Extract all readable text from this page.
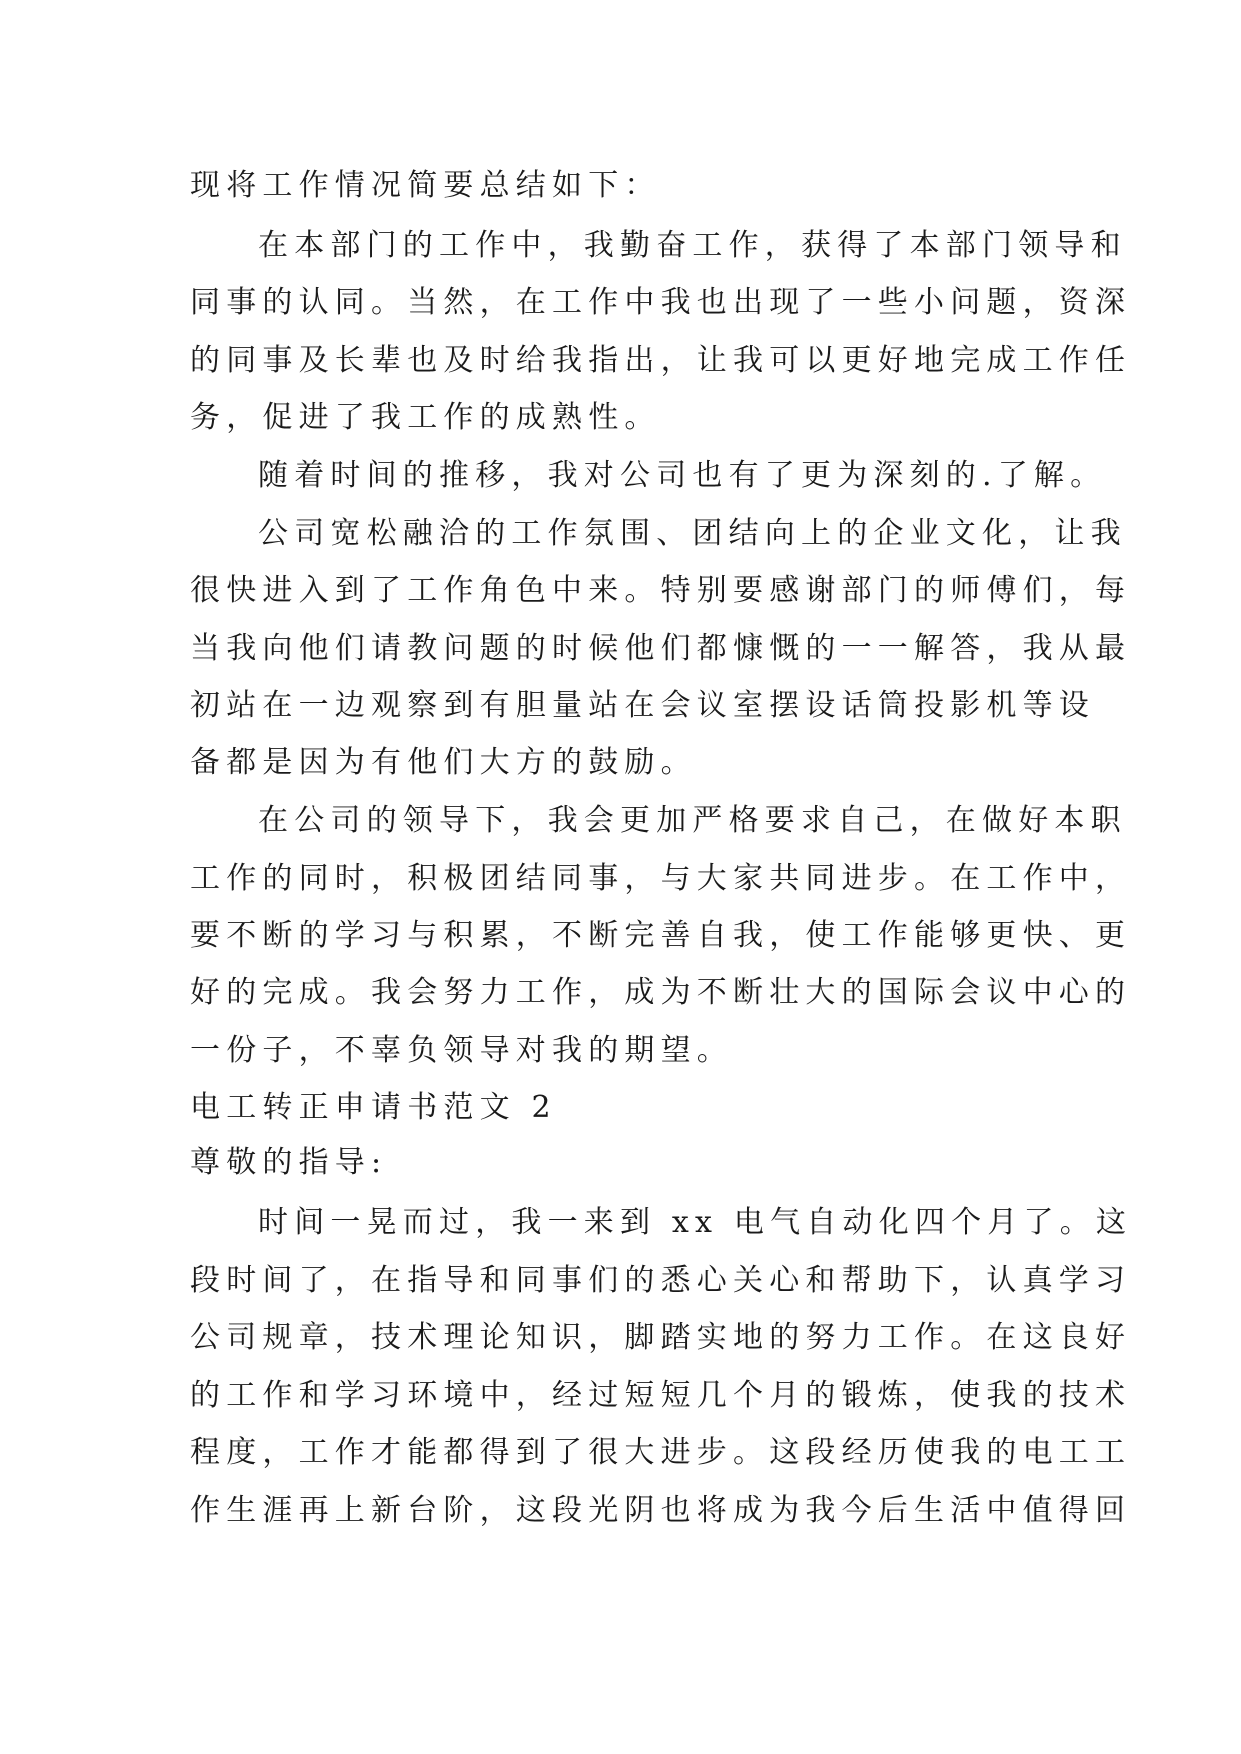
现将工作情况简要总结如下：
在本部门的工作中，我勤奋工作，获得了本部门领导和
同事的认同。当然，在工作中我也出现了一些小问题，资深
的同事及长辈也及时给我指出，让我可以更好地完成工作任
务，促进了我工作的成熟性。
随着时间的推移，我对公司也有了更为深刻的.了解。
公司宽松融洽的工作氛围、团结向上的企业文化，让我
很快进入到了工作角色中来。特别要感谢部门的师傅们，每
当我向他们请教问题的时候他们都慷慨的一一解答，我从最
初站在一边观察到有胆量站在会议室摆设话筒投影机等设
备都是因为有他们大方的鼓励。
在公司的领导下，我会更加严格要求自己，在做好本职
工作的同时，积极团结同事，与大家共同进步。在工作中，
要不断的学习与积累，不断完善自我，使工作能够更快、更
好的完成。我会努力工作，成为不断壮大的国际会议中心的
一份子，不辜负领导对我的期望。
电工转正申请书范文 2
尊敬的指导:
时间一晃而过，我一来到 xx 电气自动化四个月了。这
段时间了，在指导和同事们的悉心关心和帮助下，认真学习
公司规章，技术理论知识，脚踏实地的努力工作。在这良好
的工作和学习环境中，经过短短几个月的锻炼，使我的技术
程度，工作才能都得到了很大进步。这段经历使我的电工工
作生涯再上新台阶，这段光阴也将成为我今后生活中值得回
